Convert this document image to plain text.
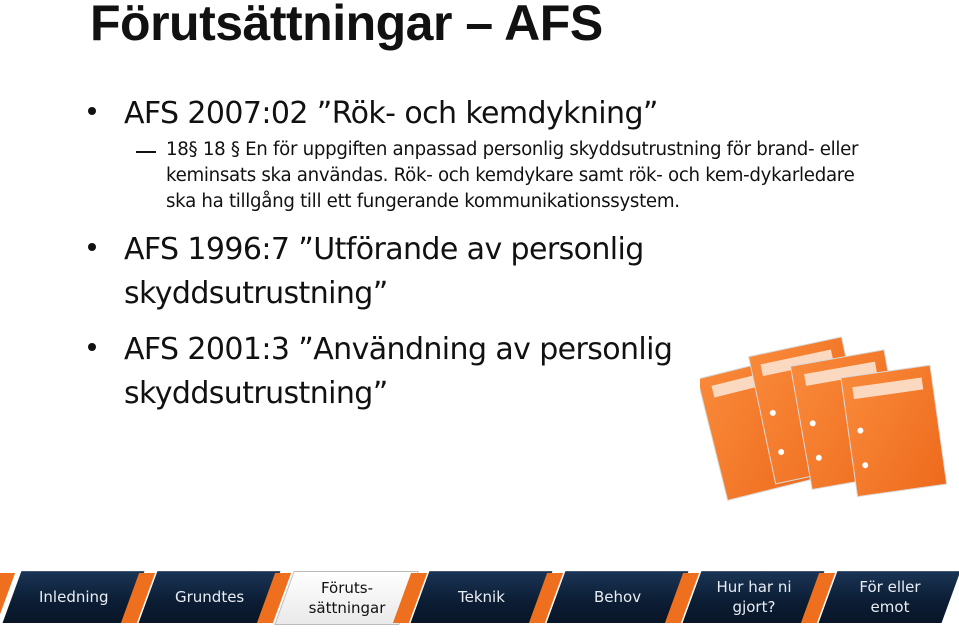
Förutsättningar – AFS
AFS 2007:02 ”Rök- och kemdykning”
18§ 18 § En för uppgiften anpassad personlig skyddsutrustning för brand- eller keminsats ska användas. Rök- och kemdykare samt rök- och kem-dykarledare ska ha tillgång till ett fungerande kommunikationssystem.
AFS 1996:7 ”Utförande av personlig skyddsutrustning”
AFS 2001:3 ”Användning av personlig skyddsutrustning”
Inledning	Grundtes	Föruts-sättningar
Teknik	Behov
Hur har ni gjort?
För eller emot
